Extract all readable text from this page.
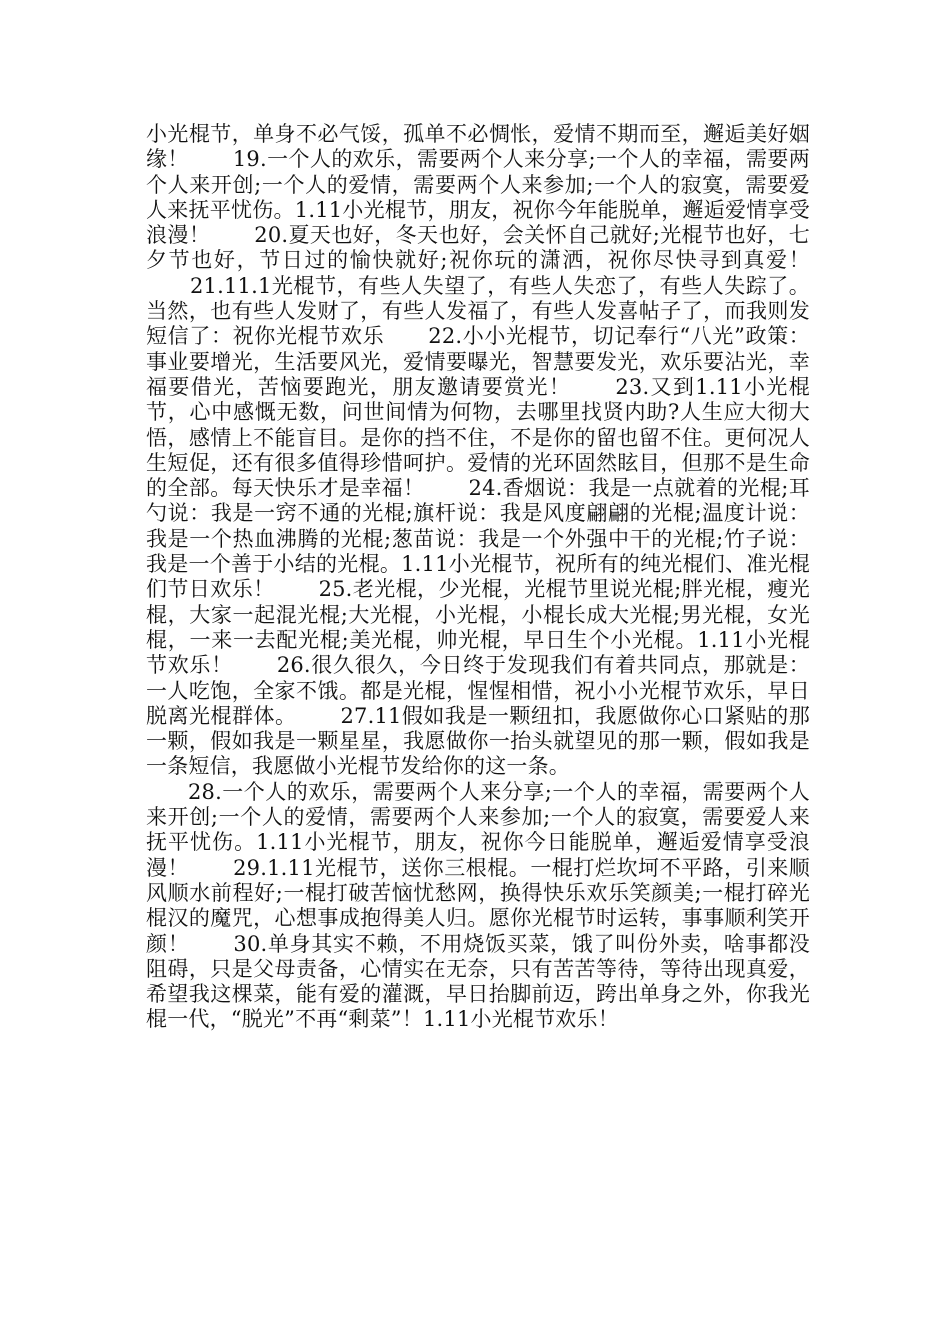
小光棍节，单身不必气馁，孤单不必惆怅，爱情不期而至，邂逅美好姻缘！ 19.一个人的欢乐，需要两个人来分享;一个人的幸福，需要两个人来开创;一个人的爱情，需要两个人来参加;一个人的寂寞，需要爱人来抚平忧伤。1.11小光棍节，朋友，祝你今年能脱单，邂逅爱情享受浪漫！ 20.夏天也好，冬天也好，会关怀自己就好;光棍节也好，七夕节也好，节日过的愉快就好;祝你玩的潇洒，祝你尽快寻到真爱！21.11.1光棍节，有些人失望了，有些人失恋了，有些人失踪了。当然，也有些人发财了，有些人发福了，有些人发喜帖子了，而我则发短信了：祝你光棍节欢乐 22.小小光棍节，切记奉行“八光”政策：事业要增光，生活要风光，爱情要曝光，智慧要发光，欢乐要沾光，幸福要借光，苦恼要跑光，朋友邀请要赏光！ 23.又到1.11小光棍节，心中感慨无数，问世间情为何物，去哪里找贤内助?人生应大彻大悟，感情上不能盲目。是你的挡不住，不是你的留也留不住。更何况人生短促，还有很多值得珍惜呵护。爱情的光环固然眩目，但那不是生命的全部。每天快乐才是幸福！ 24.香烟说：我是一点就着的光棍;耳勺说：我是一窍不通的光棍;旗杆说：我是风度翩翩的光棍;温度计说：我是一个热血沸腾的光棍;葱苗说：我是一个外强中干的光棍;竹子说：我是一个善于小结的光棍。1.11小光棍节，祝所有的纯光棍们、准光棍们节日欢乐！ 25.老光棍，少光棍，光棍节里说光棍;胖光棍，瘦光棍，大家一起混光棍;大光棍，小光棍，小棍长成大光棍;男光棍，女光棍，一来一去配光棍;美光棍，帅光棍，早日生个小光棍。1.11小光棍节欢乐！ 26.很久很久，今日终于发现我们有着共同点，那就是：一人吃饱，全家不饿。都是光棍，惺惺相惜，祝小小光棍节欢乐，早日脱离光棍群体。 27.11假如我是一颗纽扣，我愿做你心口紧贴的那一颗，假如我是一颗星星，我愿做你一抬头就望见的那一颗，假如我是一条短信，我愿做小光棍节发给你的这一条。
28.一个人的欢乐，需要两个人来分享;一个人的幸福，需要两个人来开创;一个人的爱情，需要两个人来参加;一个人的寂寞，需要爱人来抚平忧伤。1.11小光棍节，朋友，祝你今日能脱单，邂逅爱情享受浪漫！ 29.1.11光棍节，送你三根棍。一棍打烂坎坷不平路，引来顺风顺水前程好;一棍打破苦恼忧愁网，换得快乐欢乐笑颜美;一棍打碎光棍汉的魔咒，心想事成抱得美人归。愿你光棍节时运转，事事顺利笑开颜！ 30.单身其实不赖，不用烧饭买菜，饿了叫份外卖，啥事都没阻碍，只是父母责备，心情实在无奈，只有苦苦等待，等待出现真爱，希望我这棵菜，能有爱的灌溉，早日抬脚前迈，跨出单身之外，你我光棍一代，“脱光”不再“剩菜”！1.11小光棍节欢乐！
